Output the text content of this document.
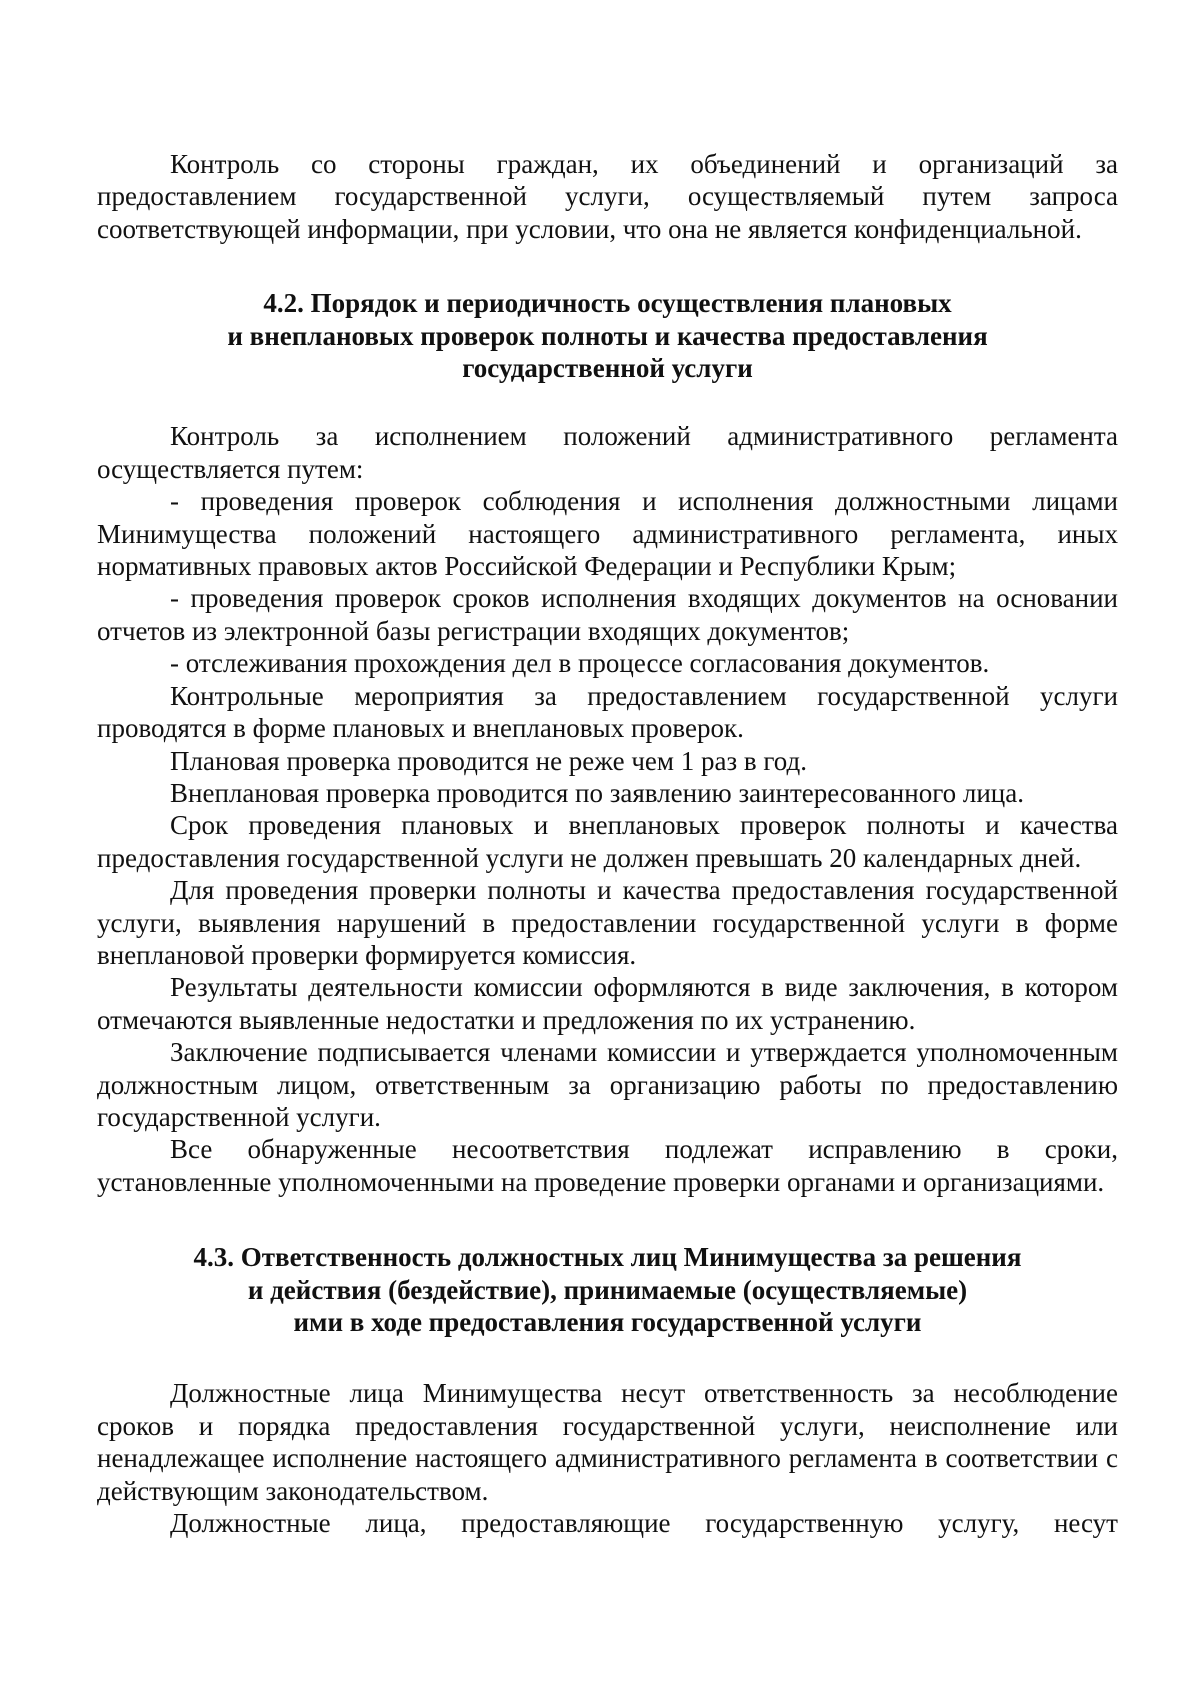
Контроль со стороны граждан, их объединений и организаций за предоставлением государственной услуги, осуществляемый путем запроса соответствующей информации, при условии, что она не является конфиденциальной.

4.2. Порядок и периодичность осуществления плановых
и внеплановых проверок полноты и качества предоставления
государственной услуги

Контроль за исполнением положений административного регламента осуществляется путем:

- проведения проверок соблюдения и исполнения должностными лицами Минимущества положений настоящего административного регламента, иных нормативных правовых актов Российской Федерации и Республики Крым;

- проведения проверок сроков исполнения входящих документов на основании отчетов из электронной базы регистрации входящих документов;

- отслеживания прохождения дел в процессе согласования документов.

Контрольные мероприятия за предоставлением государственной услуги проводятся в форме плановых и внеплановых проверок.

Плановая проверка проводится не реже чем 1 раз в год.

Внеплановая проверка проводится по заявлению заинтересованного лица.

Срок проведения плановых и внеплановых проверок полноты и качества предоставления государственной услуги не должен превышать 20 календарных дней.

Для проведения проверки полноты и качества предоставления государственной услуги, выявления нарушений в предоставлении государственной услуги в форме внеплановой проверки формируется комиссия.

Результаты деятельности комиссии оформляются в виде заключения, в котором отмечаются выявленные недостатки и предложения по их устранению.

Заключение подписывается членами комиссии и утверждается уполномоченным должностным лицом, ответственным за организацию работы по предоставлению государственной услуги.

Все обнаруженные несоответствия подлежат исправлению в сроки, установленные уполномоченными на проведение проверки органами и организациями.

4.3. Ответственность должностных лиц Минимущества за решения
и действия (бездействие), принимаемые (осуществляемые)
ими в ходе предоставления государственной услуги

Должностные лица Минимущества несут ответственность за несоблюдение сроков и порядка предоставления государственной услуги, неисполнение или ненадлежащее исполнение настоящего административного регламента в соответствии с действующим законодательством.

Должностные лица, предоставляющие государственную услугу, несут
